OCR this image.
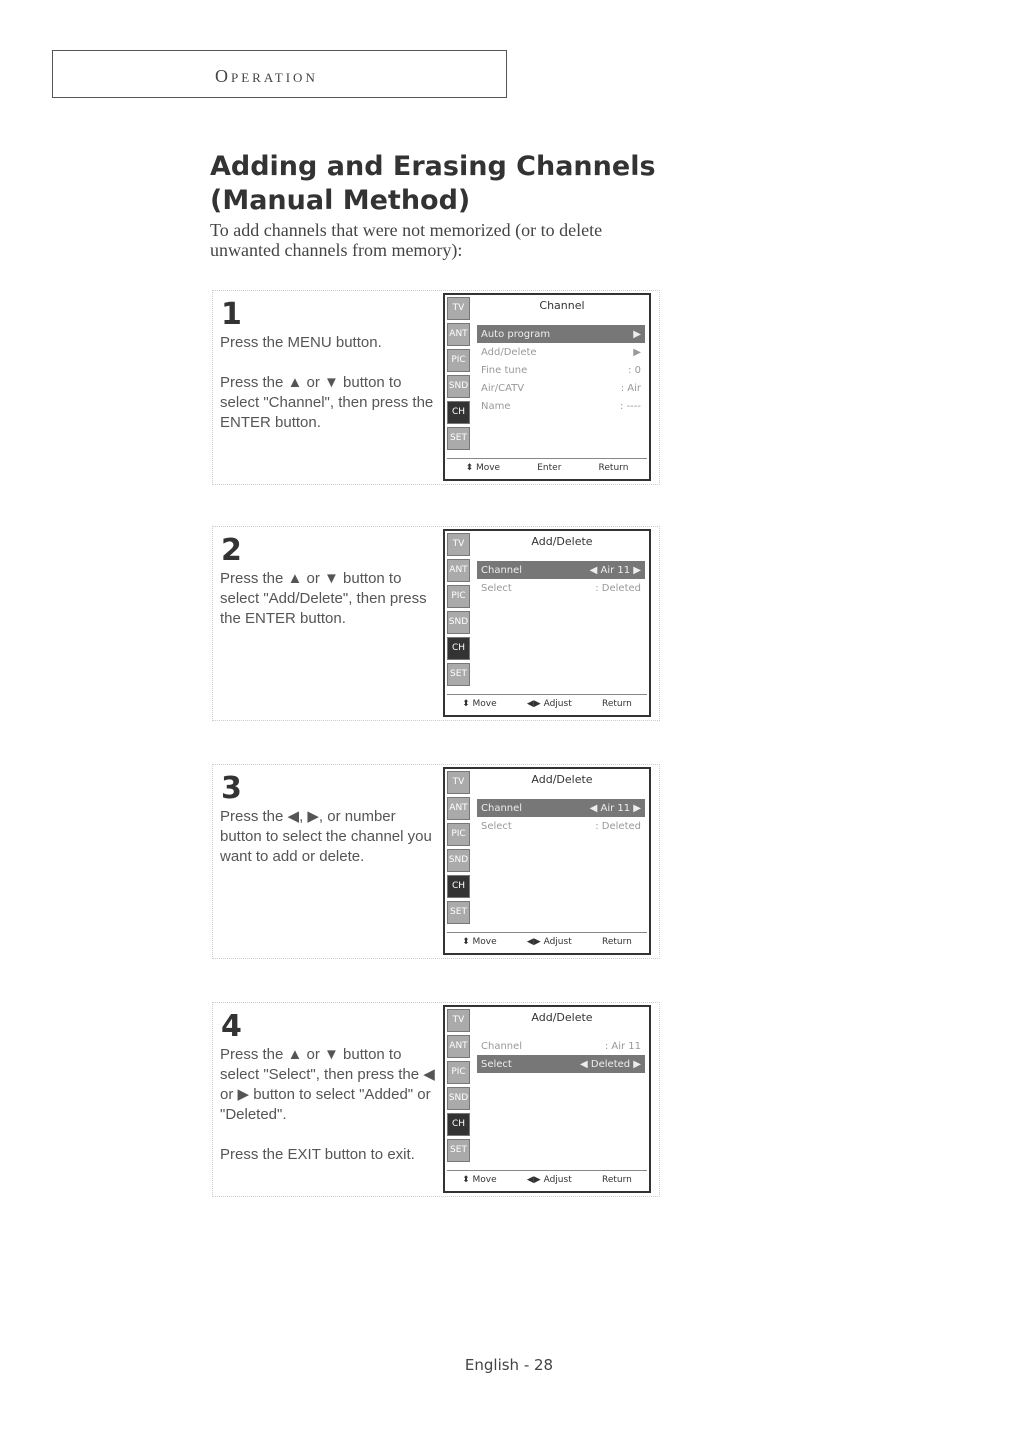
Operation
Adding and Erasing Channels
(Manual Method)

To add channels that were not memorized (or to delete unwanted channels from memory):

1

Press the MENU button.

Press the ▲ or ▼ button to select "Channel", then press the ENTER button.

TV
ANT
PIC
SND
CH
SET
Channel
Auto program	▶
Add/Delete	▶
Fine tune	: 0
Air/CATV	: Air
Name	: ----
⬍ Move	Enter	Return
2

Press the ▲ or ▼ button to select "Add/Delete", then press the ENTER button.

TV
ANT
PIC
SND
CH
SET
Add/Delete
Channel	◀ Air 11 ▶
Select	: Deleted
⬍ Move	◀▶ Adjust	Return
3

Press the ◀, ▶, or number button to select the channel you want to add or delete.

TV
ANT
PIC
SND
CH
SET
Add/Delete
Channel	◀ Air 11 ▶
Select	: Deleted
⬍ Move	◀▶ Adjust	Return
4

Press the ▲ or ▼ button to select "Select", then press the ◀ or ▶ button to select "Added" or "Deleted".

Press the EXIT button to exit.

TV
ANT
PIC
SND
CH
SET
Add/Delete
Channel	: Air 11
Select	◀ Deleted ▶
⬍ Move	◀▶ Adjust	Return
English - 28
